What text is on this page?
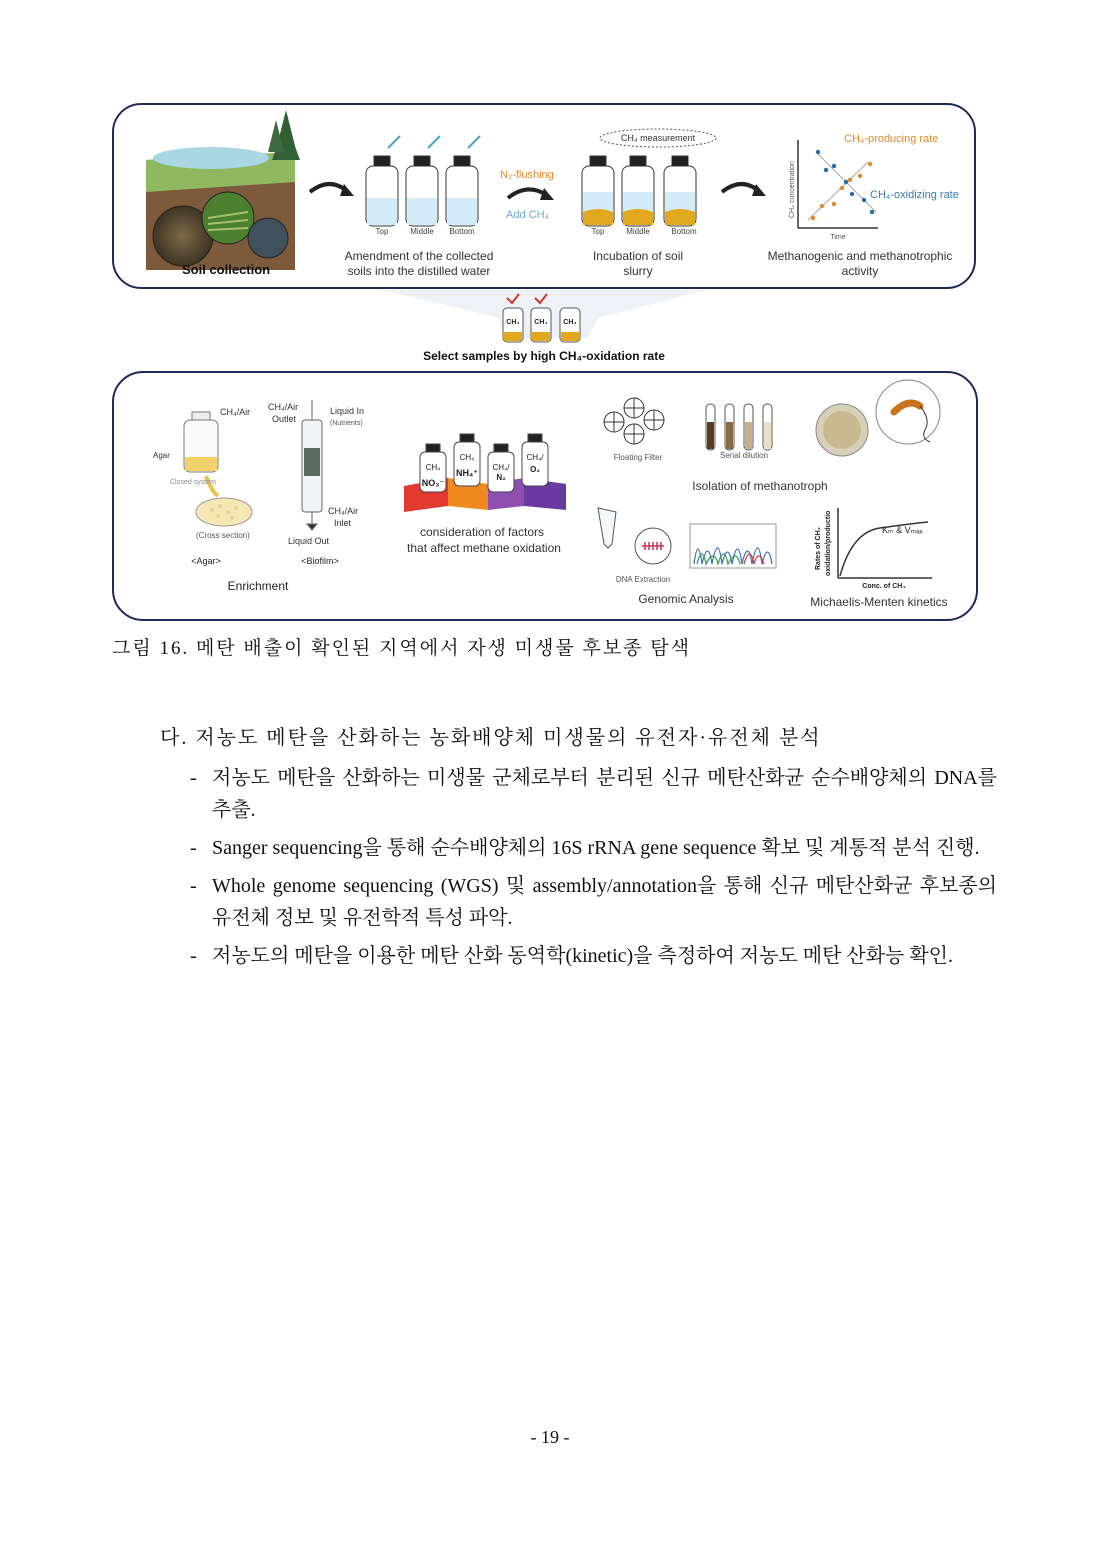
Soil collection
Top	Middle Bottom
Amendment of the collected
soils into the distilled water
N₂-flushing
Add CH₄
CH₄ measurement
Top	Middle	Bottom
Incubation of soil
slurry
CH₄ concentration
Time
CH₄-producing rate
CH₄-oxidizing rate
Methanogenic and methanotrophic
activity
CH₄ CH₄ CH₄
Select samples by high CH₄-oxidation rate
CH₄/Air
Agar
Closed system
(Cross section)
<Agar>
CH₄/Air
Outlet
Liquid In
(Nutrients)
CH₄/Air
Inlet
Liquid Out
<Biofilm>
Enrichment
CH₄
NO₃⁻
CH₄
NH₄⁺
CH₄/
N₂
CH₄/
O₂
consideration of factors
that affect methane oxidation
Floating Filter	Serial dilution
Isolation of methanotroph
DNA Extraction
Genomic Analysis
Rates of CH₄ oxidation/productio
Conc. of CH₄
Kₘ & Vₘₐₓ
Michaelis-Menten kinetics
그림 16. 메탄 배출이 확인된 지역에서 자생 미생물 후보종 탐색
다. 저농도 메탄을 산화하는 농화배양체 미생물의 유전자·유전체 분석
- 저농도 메탄을 산화하는 미생물 군체로부터 분리된 신규 메탄산화균 순수배양체의 DNA를 추출.
- Sanger sequencing을 통해 순수배양체의 16S rRNA gene sequence 확보 및 계통적 분석 진행.
- Whole genome sequencing (WGS) 및 assembly/annotation을 통해 신규 메탄산화균 후보종의 유전체 정보 및 유전학적 특성 파악.
- 저농도의 메탄을 이용한 메탄 산화 동역학(kinetic)을 측정하여 저농도 메탄 산화능 확인.
- 19 -
